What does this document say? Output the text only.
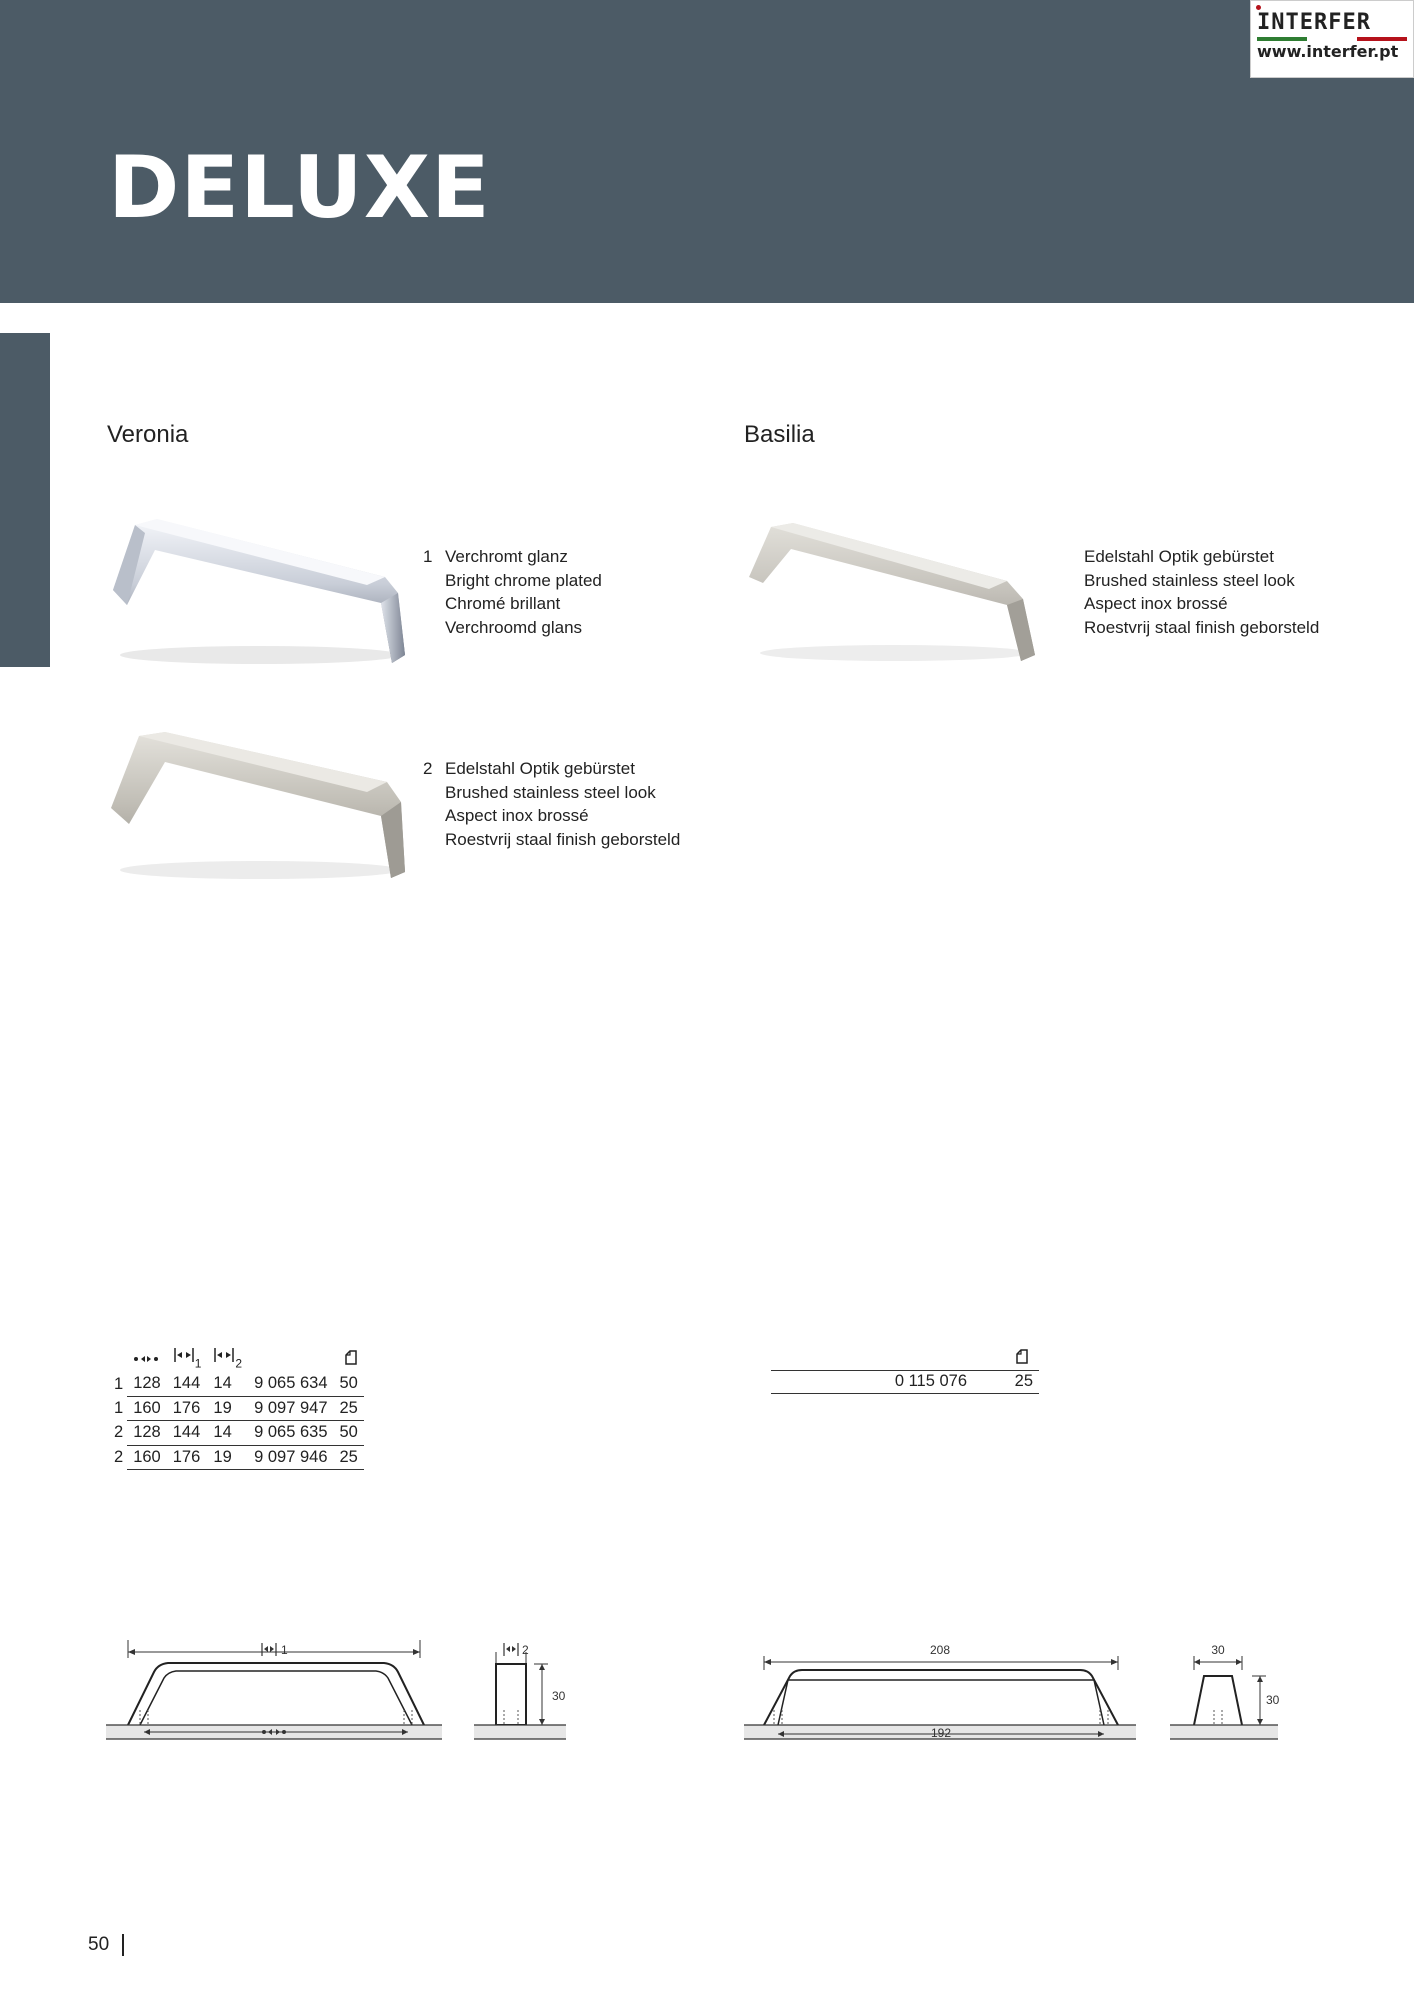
DELUXE
INTERFER
www.interfer.pt
Veronia
1 Verchromt glanz
Bright chrome plated
Chromé brillant
Verchroomd glans
2 Edelstahl Optik gebürstet
Brushed stainless steel look
Aspect inox brossé
Roestvrij staal finish geborsteld
Basilia
Edelstahl Optik gebürstet
Brushed stainless steel look
Aspect inox brossé
Roestvrij staal finish geborsteld
		$_1$	$_2$		
1	128	144	14	9 065 634	50
1	160	176	19	9 097 947	25
2	128	144	14	9 065 635	50
2	160	176	19	9 097 946	25
0 115 076	25
1	2
30
208
192
30
30
50
